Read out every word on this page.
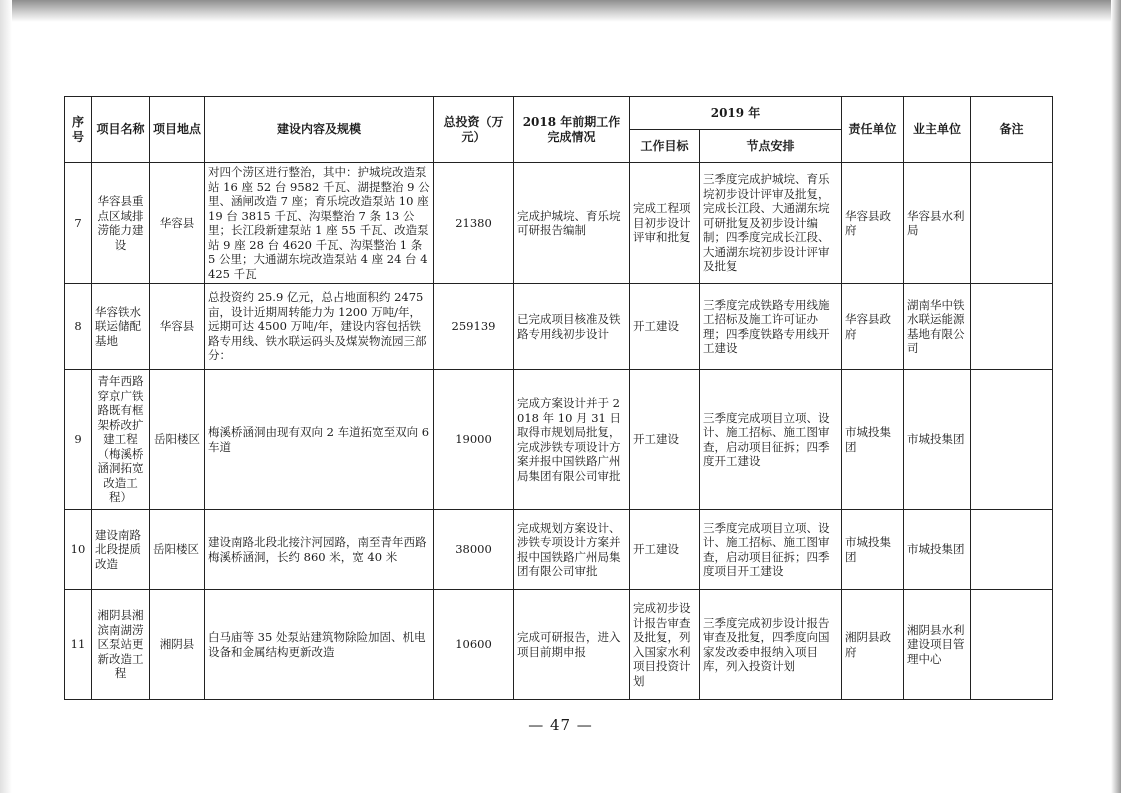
序号	项目名称	项目地点	建设内容及规模	总投资（万元）	2018 年前期工作完成情况	2019 年		责任单位	业主单位	备注
						工作目标	节点安排			
7	华容县重点区域排涝能力建设	华容县	对四个涝区进行整治，其中：护城垸改造泵站 16 座 52 台 9582 千瓦、湖提整治 9 公里、涵闸改造 7 座；育乐垸改造泵站 10 座 19 台 3815 千瓦、沟渠整治 7 条 13 公里；长江段新建泵站 1 座 55 千瓦、改造泵站 9 座 28 台 4620 千瓦、沟渠整治 1 条 5 公里；大通湖东垸改造泵站 4 座 24 台 4425 千瓦	21380	完成护城垸、育乐垸可研报告编制	完成工程项目初步设计评审和批复	三季度完成护城垸、育乐垸初步设计评审及批复，完成长江段、大通湖东垸可研批复及初步设计编制；四季度完成长江段、大通湖东垸初步设计评审及批复	华容县政府	华容县水利局	
8	华容铁水联运储配基地	华容县	总投资约 25.9 亿元，总占地面积约 2475 亩，设计近期周转能力为 1200 万吨/年，远期可达 4500 万吨/年，建设内容包括铁路专用线、铁水联运码头及煤炭物流园三部分：	259139	已完成项目核准及铁路专用线初步设计	开工建设	三季度完成铁路专用线施工招标及施工许可证办理；四季度铁路专用线开工建设	华容县政府	湖南华中铁水联运能源基地有限公司	
9	青年西路穿京广铁路既有框架桥改扩建工程（梅溪桥涵洞拓宽改造工程）	岳阳楼区	梅溪桥涵洞由现有双向 2 车道拓宽至双向 6 车道	19000	完成方案设计并于 2018 年 10 月 31 日取得市规划局批复，完成涉铁专项设计方案并报中国铁路广州局集团有限公司审批	开工建设	三季度完成项目立项、设计、施工招标、施工图审查，启动项目征拆；四季度开工建设	市城投集团	市城投集团	
10	建设南路北段提质改造	岳阳楼区	建设南路北段北接汴河园路，南至青年西路梅溪桥涵洞，长约 860 米，宽 40 米	38000	完成规划方案设计、涉铁专项设计方案并报中国铁路广州局集团有限公司审批	开工建设	三季度完成项目立项、设计、施工招标、施工图审查，启动项目征拆；四季度项目开工建设	市城投集团	市城投集团	
11	湘阴县湘滨南湖涝区泵站更新改造工程	湘阴县	白马庙等 35 处泵站建筑物除险加固、机电设备和金属结构更新改造	10600	完成可研报告，进入项目前期申报	完成初步设计报告审查及批复，列入国家水利项目投资计划	三季度完成初步设计报告审查及批复，四季度向国家发改委申报纳入项目库，列入投资计划	湘阴县政府	湘阴县水利建设项目管理中心	
— 47 —
